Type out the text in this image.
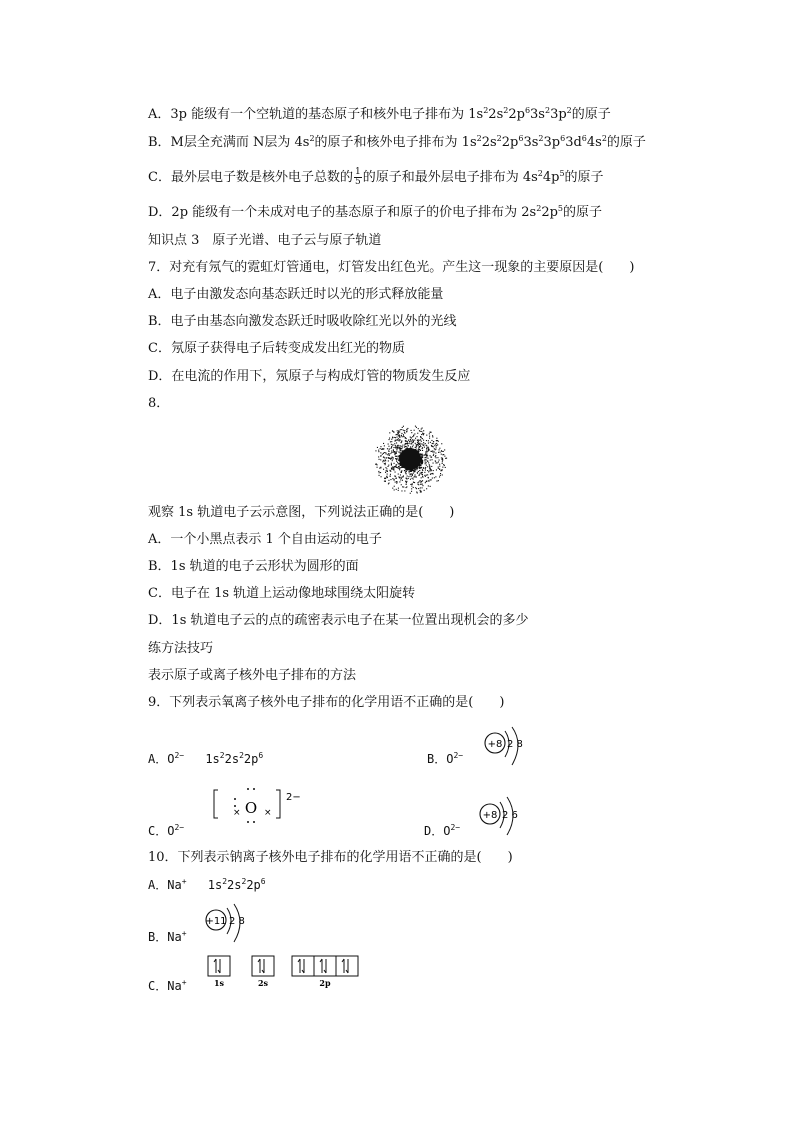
A．3p 能级有一个空轨道的基态原子和核外电子排布为 $1s^22s^22p^63s^23p^2$的原子
B．M层全充满而 N层为 $4s^2$的原子和核外电子排布为 $1s^22s^22p^63s^23p^63d^64s^2$的原子
C．最外层电子数是核外电子总数的 $\frac{1}{5}$ 的原子和最外层电子排布为 $4s^24p^5$的原子
D．2p 能级有一个未成对电子的基态原子和原子的价电子排布为 $2s^22p^5$的原子
知识点 3　原子光谱、电子云与原子轨道
7．对充有氖气的霓虹灯管通电，灯管发出红色光。产生这一现象的主要原因是(　　)
A．电子由激发态向基态跃迁时以光的形式释放能量
B．电子由基态向激发态跃迁时吸收除红光以外的光线
C．氖原子获得电子后转变成发出红光的物质
D．在电流的作用下，氖原子与构成灯管的物质发生反应
8．
观察 1s 轨道电子云示意图，下列说法正确的是(　　)
A．一个小黑点表示 1 个自由运动的电子
B．1s 轨道的电子云形状为圆形的面
C．电子在 1s 轨道上运动像地球围绕太阳旋转
D．1s 轨道电子云的点的疏密表示电子在某一位置出现机会的多少
练方法技巧
表示原子或离子核外电子排布的方法
9．下列表示氧离子核外电子排布的化学用语不正确的是(　　)
A．$O^{2-}$ $1s^22s^22p^6$	B．$O^{2-}$
+8 2 8
C．$O^{2-}$
O
×	×
2−
D．$O^{2-}$
+8 2 6
10．下列表示钠离子核外电子排布的化学用语不正确的是(　　)
A．Na+ $1s^22s^22p^6$
B．Na+
+11 2 8
C．Na+	1s	2s	2p
